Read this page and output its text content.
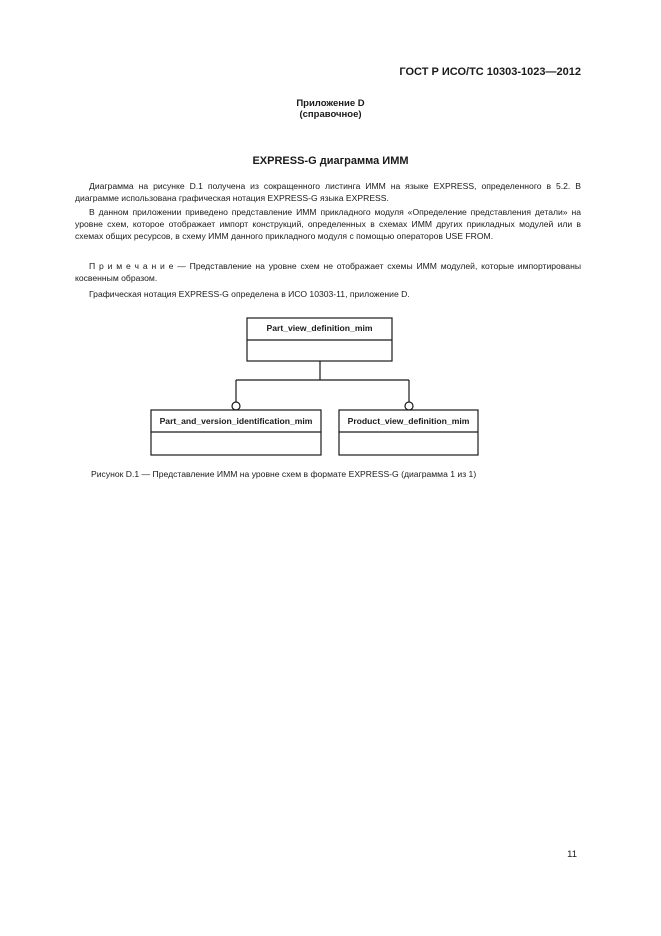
ГОСТ Р ИСО/ТС 10303-1023—2012
Приложение D
(справочное)
EXPRESS-G диаграмма ИММ
Диаграмма на рисунке D.1 получена из сокращенного листинга ИММ на языке EXPRESS, определенного в 5.2. В диаграмме использована графическая нотация EXPRESS-G языка EXPRESS.
В данном приложении приведено представление ИММ прикладного модуля «Определение представления детали» на уровне схем, которое отображает импорт конструкций, определенных в схемах ИММ других прикладных модулей или в схемах общих ресурсов, в схему ИММ данного прикладного модуля с помощью операторов USE FROM.
П р и м е ч а н и е — Представление на уровне схем не отображает схемы ИММ модулей, которые импортированы косвенным образом.
Графическая нотация EXPRESS-G определена в ИСО 10303-11, приложение D.
Part_view_definition_mim
Part_and_version_identification_mim	Product_view_definition_mim
Рисунок D.1 — Представление ИММ на уровне схем в формате EXPRESS-G (диаграмма 1 из 1)
11
